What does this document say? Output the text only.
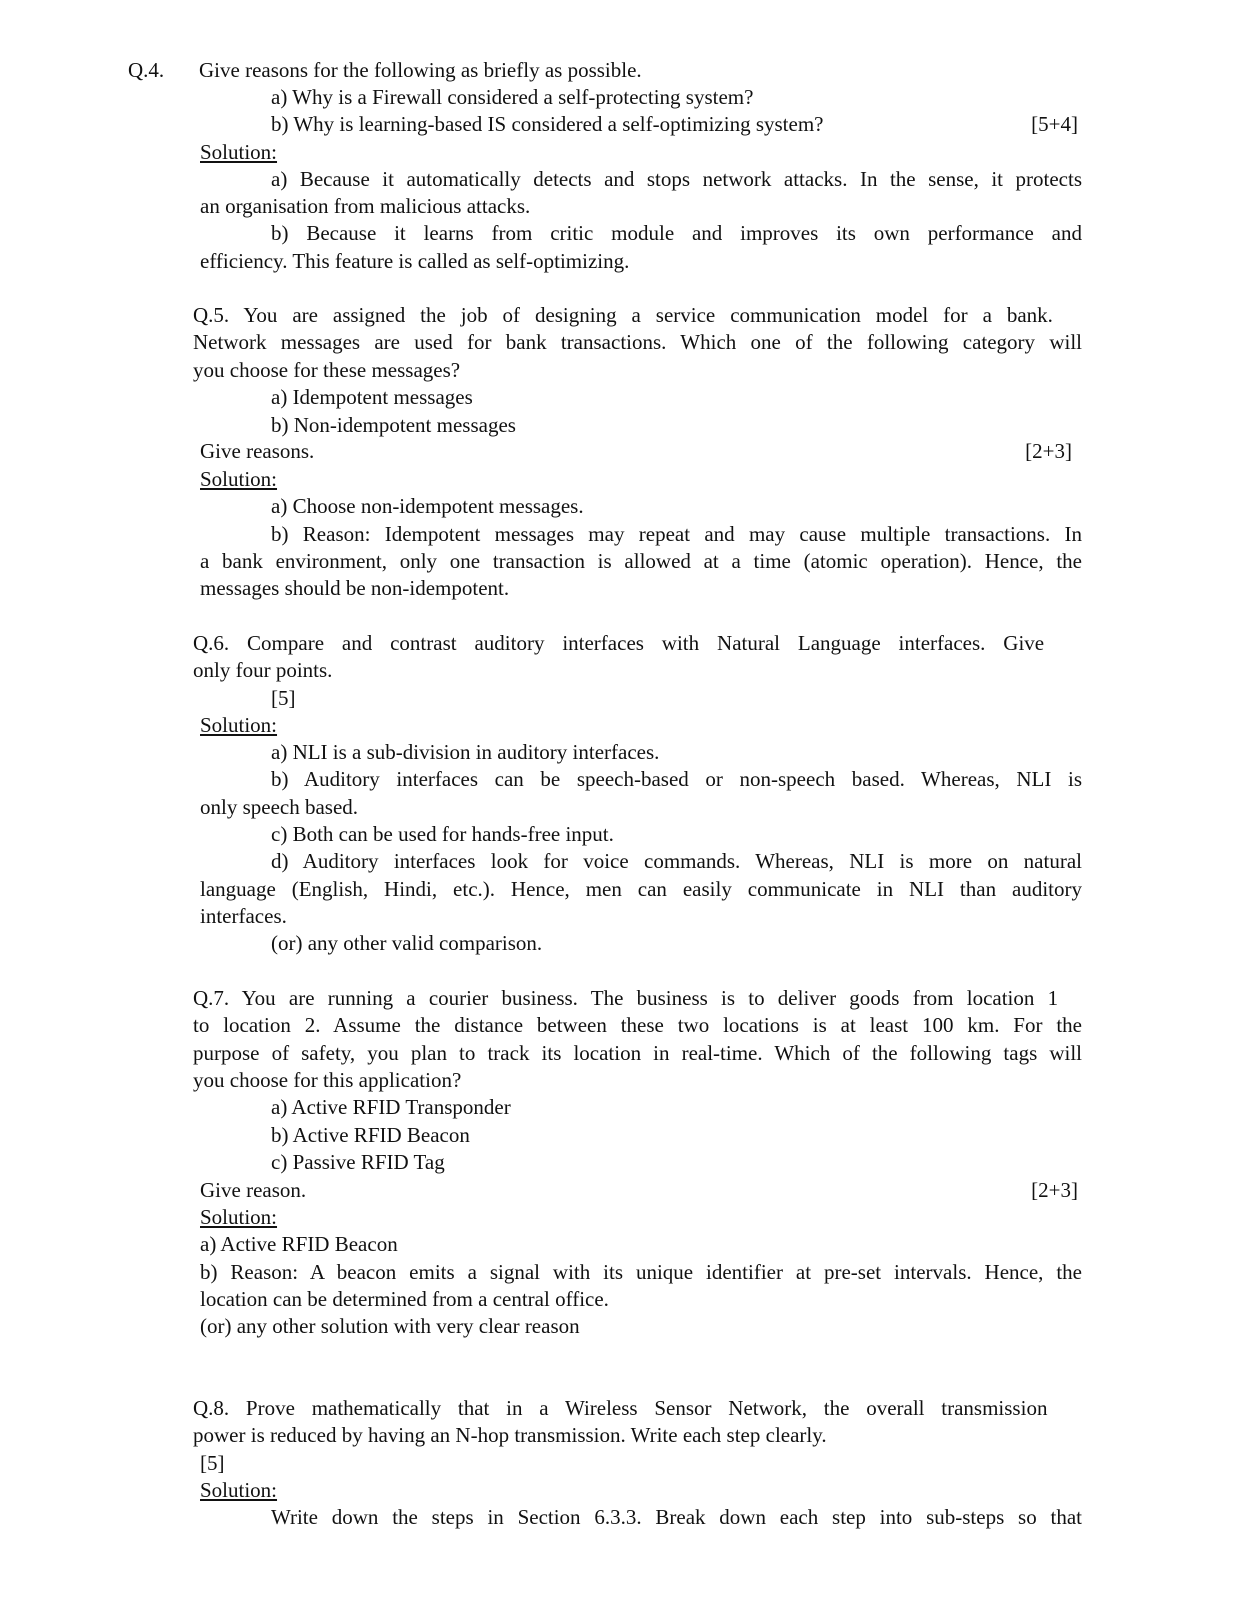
Q.4. Give reasons for the following as briefly as possible.
a) Why is a Firewall considered a self-protecting system?
b) Why is learning-based IS considered a self-optimizing system?	[5+4]
Solution:
a) Because it automatically detects and stops network attacks. In the sense, it protects
an organisation from malicious attacks.
b) Because it learns from critic module and improves its own performance and
efficiency. This feature is called as self-optimizing.
Q.5. You are assigned the job of designing a service communication model for a bank.
Network messages are used for bank transactions. Which one of the following category will
you choose for these messages?
a) Idempotent messages
b) Non-idempotent messages
Give reasons.	[2+3]
Solution:
a) Choose non-idempotent messages.
b) Reason: Idempotent messages may repeat and may cause multiple transactions. In
a bank environment, only one transaction is allowed at a time (atomic operation). Hence, the
messages should be non-idempotent.
Q.6. Compare and contrast auditory interfaces with Natural Language interfaces. Give
only four points.
[5]
Solution:
a) NLI is a sub-division in auditory interfaces.
b) Auditory interfaces can be speech-based or non-speech based. Whereas, NLI is
only speech based.
c) Both can be used for hands-free input.
d) Auditory interfaces look for voice commands. Whereas, NLI is more on natural
language (English, Hindi, etc.). Hence, men can easily communicate in NLI than auditory
interfaces.
(or) any other valid comparison.
Q.7. You are running a courier business. The business is to deliver goods from location 1
to location 2. Assume the distance between these two locations is at least 100 km. For the
purpose of safety, you plan to track its location in real-time. Which of the following tags will
you choose for this application?
a) Active RFID Transponder
b) Active RFID Beacon
c) Passive RFID Tag
Give reason.	[2+3]
Solution:
a) Active RFID Beacon
b) Reason: A beacon emits a signal with its unique identifier at pre-set intervals. Hence, the
location can be determined from a central office.
(or) any other solution with very clear reason
Q.8. Prove mathematically that in a Wireless Sensor Network, the overall transmission
power is reduced by having an N-hop transmission. Write each step clearly.
[5]
Solution:
Write down the steps in Section 6.3.3. Break down each step into sub-steps so that
